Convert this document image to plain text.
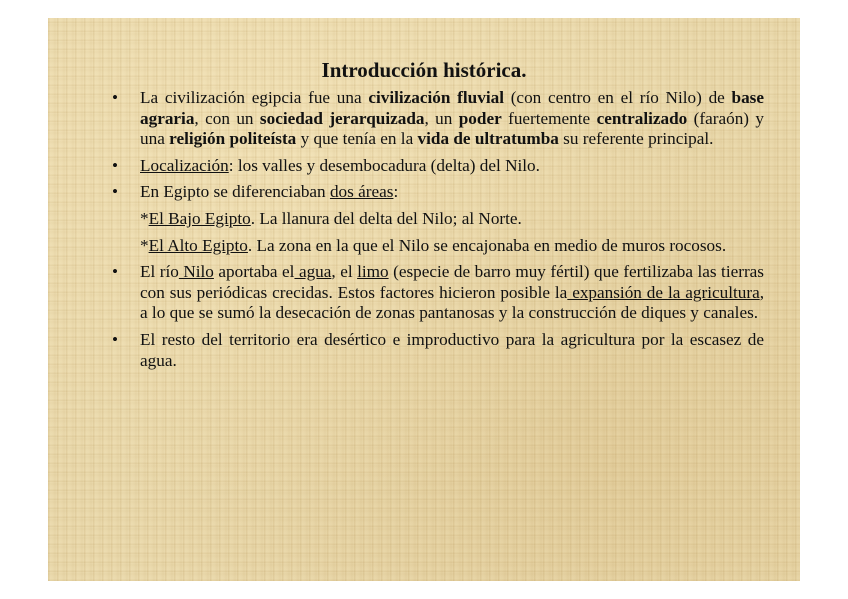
Introducción histórica.
•	La civilización egipcia fue una civilización fluvial (con centro en el río Nilo) de base agraria, con un sociedad jerarquizada, un poder fuertemente centralizado (faraón) y una religión politeísta y que tenía en la vida de ultratumba su referente principal.
•	Localización: los valles y desembocadura (delta) del Nilo.
•	En Egipto se diferenciaban dos áreas:
*El Bajo Egipto. La llanura del delta del Nilo; al Norte.
*El Alto Egipto. La zona en la que el Nilo se encajonaba en medio de muros rocosos.
•	El río Nilo aportaba el agua, el limo (especie de barro muy fértil) que fertilizaba las tierras con sus periódicas crecidas. Estos factores hicieron posible la expansión de la agricultura, a lo que se sumó la desecación de zonas pantanosas y la construcción de diques y canales.
•	El resto del territorio era desértico e improductivo para la agricultura por la escasez de agua.
